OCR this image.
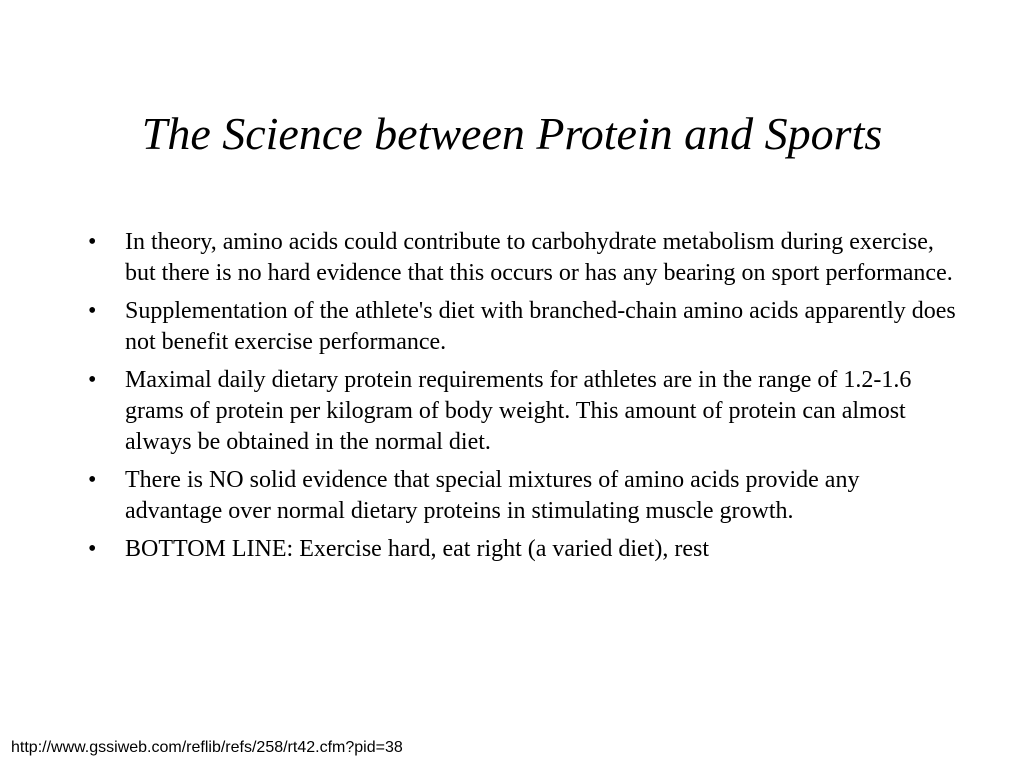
The Science between Protein and Sports
• In theory, amino acids could contribute to carbohydrate metabolism during exercise, but there is no hard evidence that this occurs or has any bearing on sport performance.
• Supplementation of the athlete's diet with branched-chain amino acids apparently does not benefit exercise performance.
• Maximal daily dietary protein requirements for athletes are in the range of 1.2-1.6 grams of protein per kilogram of body weight. This amount of protein can almost always be obtained in the normal diet.
• There is NO solid evidence that special mixtures of amino acids provide any advantage over normal dietary proteins in stimulating muscle growth.
• BOTTOM LINE: Exercise hard, eat right (a varied diet), rest

http://www.gssiweb.com/reflib/refs/258/rt42.cfm?pid=38
